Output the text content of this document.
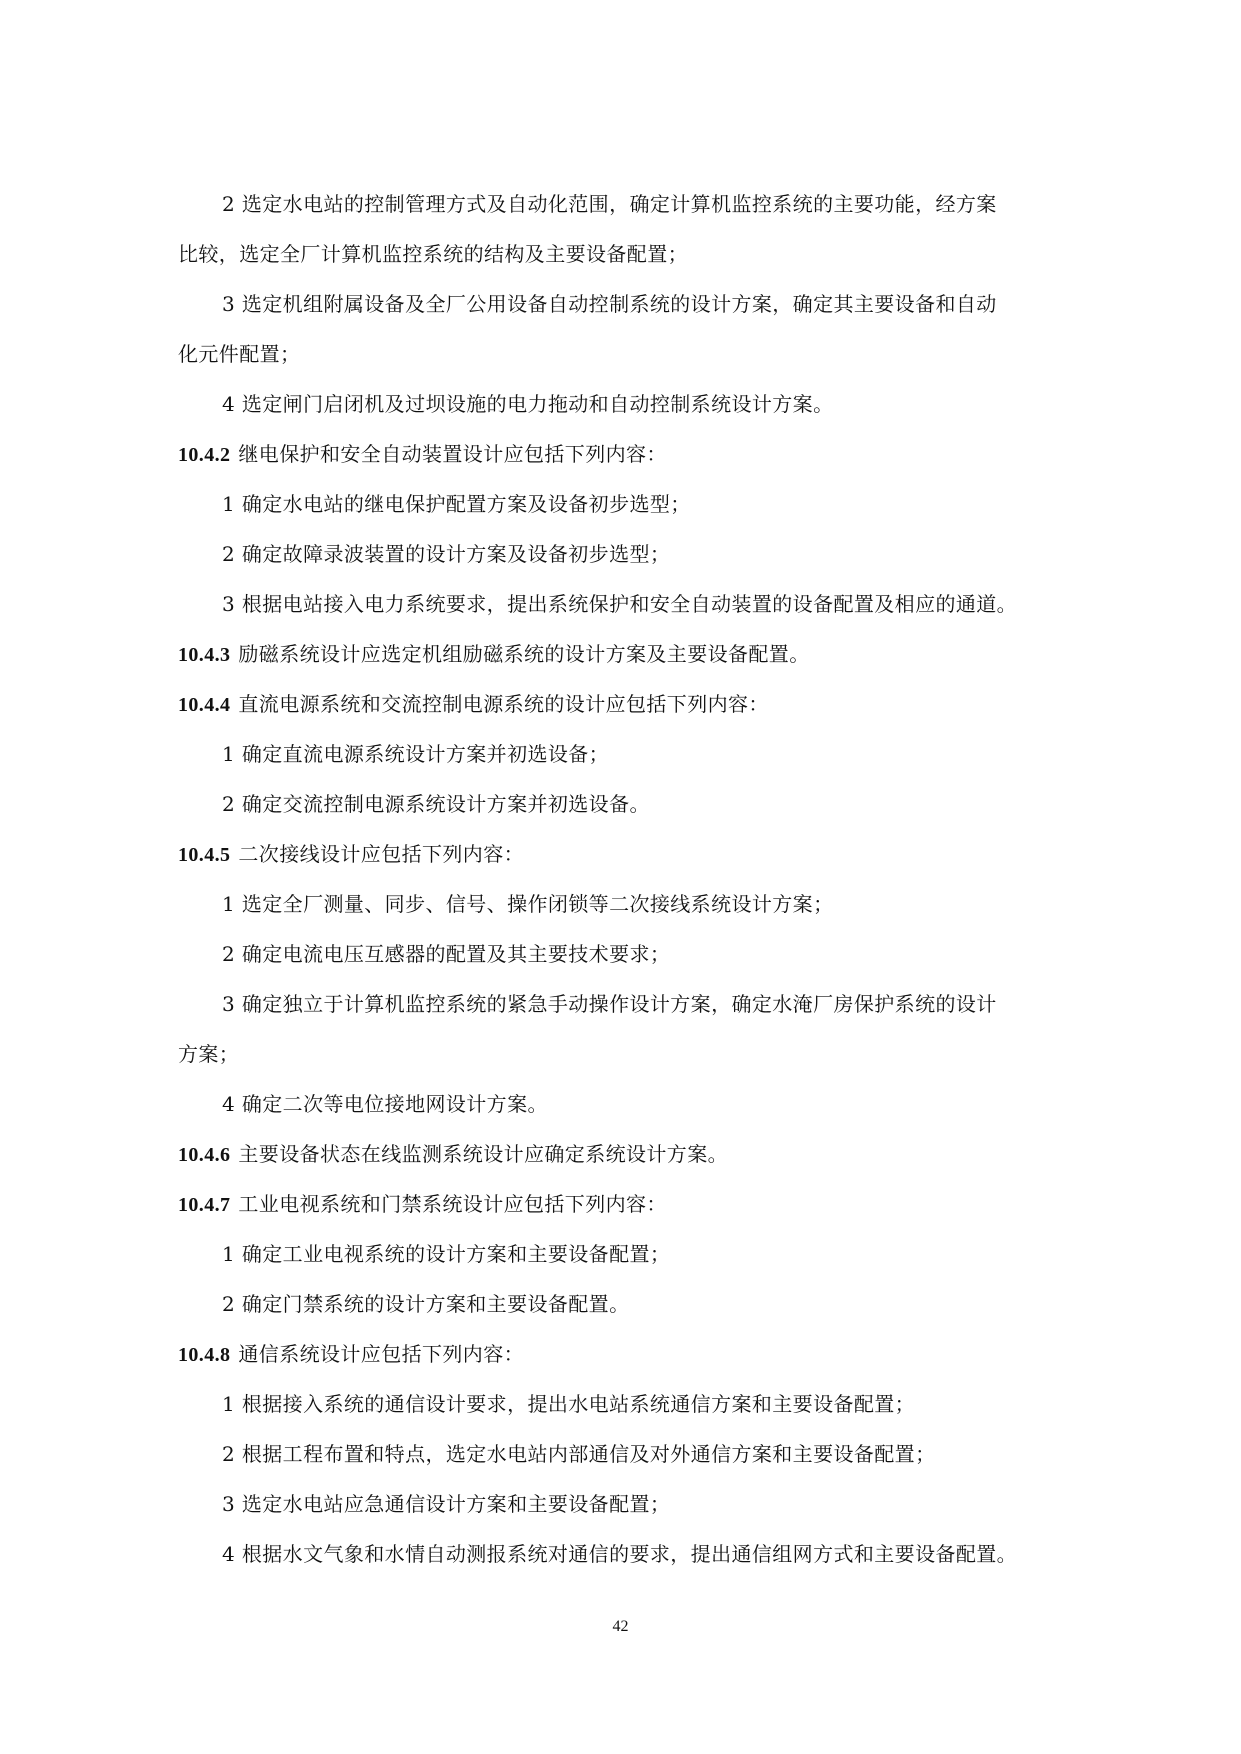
2 选定水电站的控制管理方式及自动化范围，确定计算机监控系统的主要功能，经方案
比较，选定全厂计算机监控系统的结构及主要设备配置；
3 选定机组附属设备及全厂公用设备自动控制系统的设计方案，确定其主要设备和自动
化元件配置；
4 选定闸门启闭机及过坝设施的电力拖动和自动控制系统设计方案。
10.4.2 继电保护和安全自动装置设计应包括下列内容：
1 确定水电站的继电保护配置方案及设备初步选型；
2 确定故障录波装置的设计方案及设备初步选型；
3 根据电站接入电力系统要求，提出系统保护和安全自动装置的设备配置及相应的通道。
10.4.3 励磁系统设计应选定机组励磁系统的设计方案及主要设备配置。
10.4.4 直流电源系统和交流控制电源系统的设计应包括下列内容：
1 确定直流电源系统设计方案并初选设备；
2 确定交流控制电源系统设计方案并初选设备。
10.4.5 二次接线设计应包括下列内容：
1 选定全厂测量、同步、信号、操作闭锁等二次接线系统设计方案；
2 确定电流电压互感器的配置及其主要技术要求；
3 确定独立于计算机监控系统的紧急手动操作设计方案，确定水淹厂房保护系统的设计
方案；
4 确定二次等电位接地网设计方案。
10.4.6 主要设备状态在线监测系统设计应确定系统设计方案。
10.4.7 工业电视系统和门禁系统设计应包括下列内容：
1 确定工业电视系统的设计方案和主要设备配置；
2 确定门禁系统的设计方案和主要设备配置。
10.4.8 通信系统设计应包括下列内容：
1 根据接入系统的通信设计要求，提出水电站系统通信方案和主要设备配置；
2 根据工程布置和特点，选定水电站内部通信及对外通信方案和主要设备配置；
3 选定水电站应急通信设计方案和主要设备配置；
4 根据水文气象和水情自动测报系统对通信的要求，提出通信组网方式和主要设备配置。
42
